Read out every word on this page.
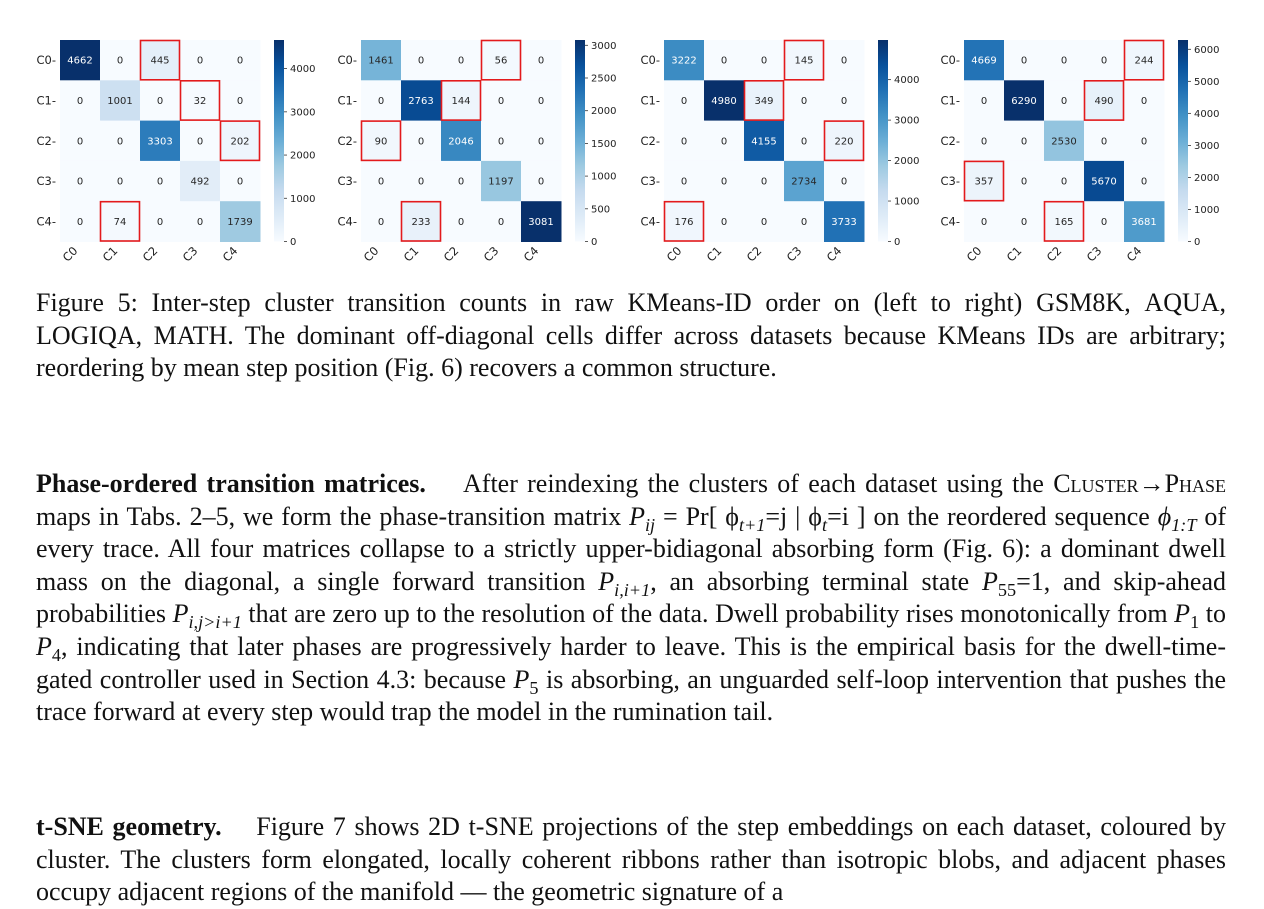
4662 0	445	0	0
0 1001 0	32	0
0	0 3303 0	202
0	0	0	492	0
0	74	0	0 1739
C0-
C1-
C2-
C3-
C4-
C0 C1 C2 C3 C4
0
1000
2000
3000
4000
1461 0	0	56	0
0 2763 144	0	0
90	0 2046 0	0
0	0	0 1197 0
0	233	0	0 3081
C0-
C1-
C2-
C3-
C4-
C0 C1 C2 C3 C4
0
500
1000
1500
2000
2500
3000
3222 0	0	145	0
0 4980 349	0	0
0	0 4155 0	220
0	0	0 2734 0
176	0	0	0 3733
C0-
C1-
C2-
C3-
C4-
C0 C1 C2 C3 C4
0
1000
2000
3000
4000
4669 0	0	0	244
0 6290 0	490	0
0	0 2530 0	0
357	0	0 5670 0
0	0	165	0 3681
C0-
C1-
C2-
C3-
C4-
C0 C1 C2 C3 C4
0
1000
2000
3000
4000
5000
6000
Figure 5: Inter-step cluster transition counts in raw KMeans-ID order on (left to right) GSM8K, AQUA, LOGIQA, MATH. The dominant off-diagonal cells differ across datasets because KMeans IDs are arbitrary; reordering by mean step position (Fig. 6) recovers a common structure.
Phase-ordered transition matrices. After reindexing the clusters of each dataset using the Cluster→Phase maps in Tabs. 2–5, we form the phase-transition matrix $P_{ij} = Pr$[ $\phi_{t+1}=j$ | $\phi_t=i$ ] on the reordered sequence $\phi_{1:T}$ of every trace. All four matrices collapse to a strictly upper-bidiagonal absorbing form (Fig. 6): a dominant dwell mass on the diagonal, a single forward transition $P_{i,i+1}$, an absorbing terminal state $P_{55}=1$, and skip-ahead probabilities $P_{i,j>i+1}$ that are zero up to the resolution of the data. Dwell probability rises monotonically from $P_1$ to $P_4$, indicating that later phases are progressively harder to leave. This is the empirical basis for the dwell-time-gated controller used in Section 4.3: because $P_5$ is absorbing, an unguarded self-loop intervention that pushes the trace forward at every step would trap the model in the rumination tail.
t-SNE geometry. Figure 7 shows 2D t-SNE projections of the step embeddings on each dataset, coloured by cluster. The clusters form elongated, locally coherent ribbons rather than isotropic blobs, and adjacent phases occupy adjacent regions of the manifold — the geometric signature of a
